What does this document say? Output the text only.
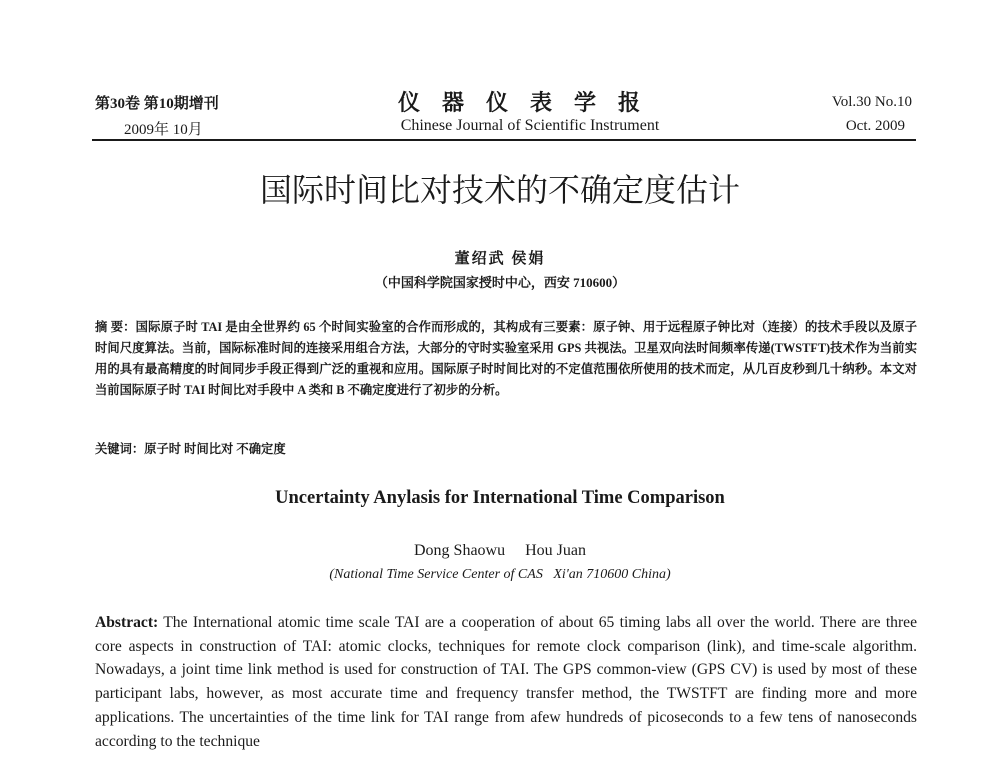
第30卷 第10期增刊
2009年 10月
仪器仪表学报
Chinese Journal of Scientific Instrument
Vol.30 No.10
Oct. 2009
国际时间比对技术的不确定度估计
董绍武 侯娟
（中国科学院国家授时中心，西安 710600）
摘 要：国际原子时 TAI 是由全世界约 65 个时间实验室的合作而形成的，其构成有三要素：原子钟、用于远程原子钟比对（连接）的技术手段以及原子时间尺度算法。当前，国际标准时间的连接采用组合方法，大部分的守时实验室采用 GPS 共视法。卫星双向法时间频率传递(TWSTFT)技术作为当前实用的具有最高精度的时间同步手段正得到广泛的重视和应用。国际原子时时间比对的不定值范围依所使用的技术而定，从几百皮秒到几十纳秒。本文对当前国际原子时 TAI 时间比对手段中 A 类和 B 不确定度进行了初步的分析。
关键词：原子时 时间比对 不确定度
Uncertainty Anylasis for International Time Comparison
Dong Shaowu     Hou Juan
(National Time Service Center of CAS   Xi'an 710600 China)
Abstract: The International atomic time scale TAI are a cooperation of about 65 timing labs all over the world. There are three core aspects in construction of TAI: atomic clocks, techniques for remote clock comparison (link), and time-scale algorithm. Nowadays, a joint time link method is used for construction of TAI. The GPS common-view (GPS CV) is used by most of these participant labs, however, as most accurate time and frequency transfer method, the TWSTFT are finding more and more applications. The uncertainties of the time link for TAI range from afew hundreds of picoseconds to a few tens of nanoseconds according to the technique
